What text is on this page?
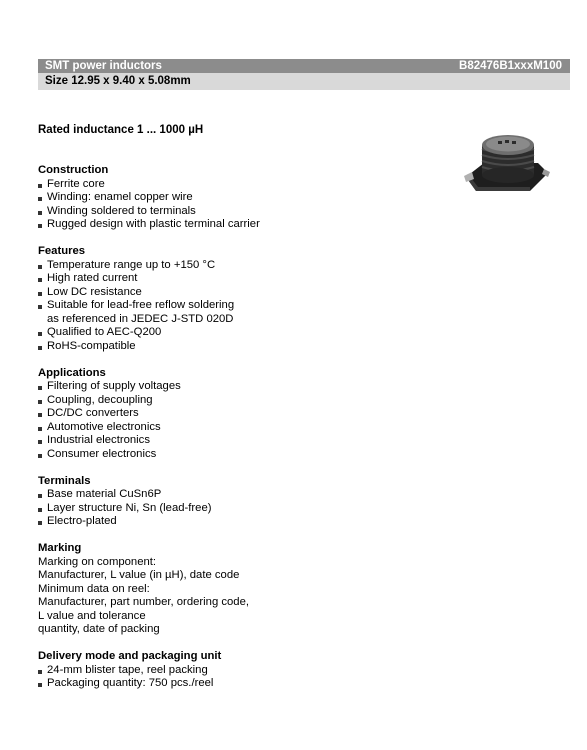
SMT power inductors	B82476B1xxxM100
Size 12.95 x 9.40 x 5.08mm
Rated inductance 1 ... 1000 µH
Construction
Ferrite core
Winding: enamel copper wire
Winding soldered to terminals
Rugged design with plastic terminal carrier
Features
Temperature range up to +150 °C
High rated current
Low DC resistance
Suitable for lead-free reflow soldering
as referenced in JEDEC J-STD 020D
Qualified to AEC-Q200
RoHS-compatible
Applications
Filtering of supply voltages
Coupling, decoupling
DC/DC converters
Automotive electronics
Industrial electronics
Consumer electronics
Terminals
Base material CuSn6P
Layer structure Ni, Sn (lead-free)
Electro-plated
Marking
Marking on component:
Manufacturer, L value (in µH), date code
Minimum data on reel:
Manufacturer, part number, ordering code,
L value and tolerance
quantity, date of packing
Delivery mode and packaging unit
24-mm blister tape, reel packing
Packaging quantity: 750 pcs./reel
